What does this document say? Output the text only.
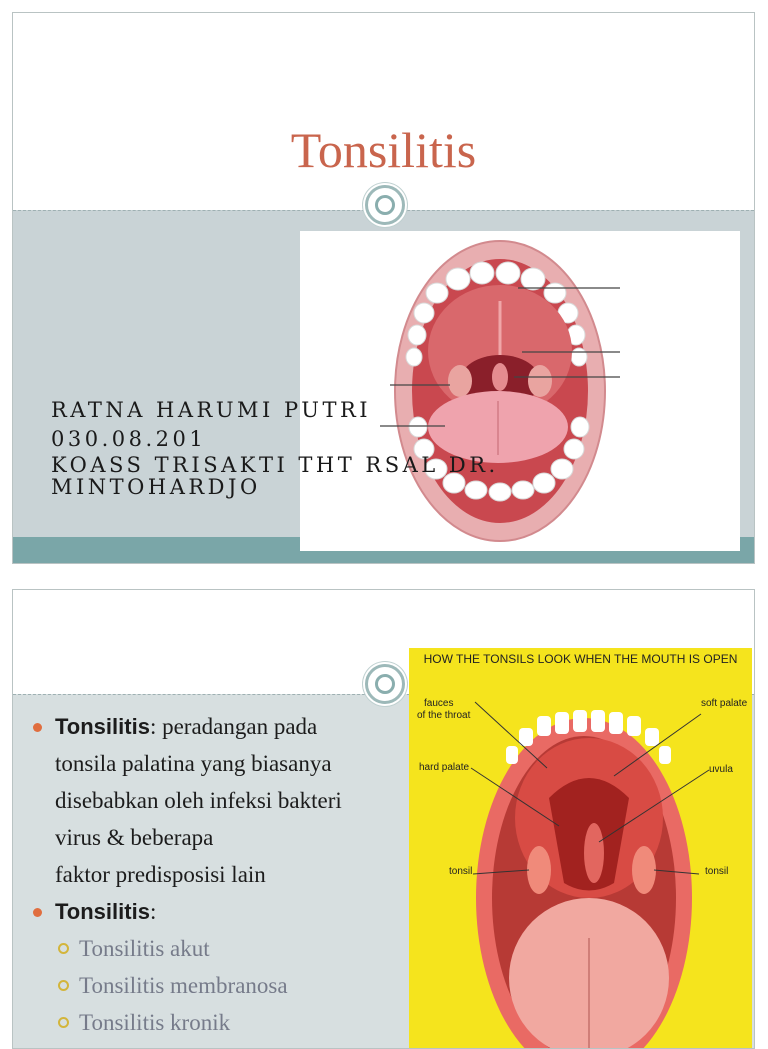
Tonsilitis
RATNA HARUMI PUTRI
030.08.201
KOASS TRISAKTI THT RSAL DR.
MINTOHARDJO
HOW THE TONSILS LOOK WHEN THE MOUTH IS OPEN
fauces
of the throat
soft palate
hard palate	uvula
tonsil	tonsil
Tonsilitis: peradangan pada
tonsila palatina yang biasanya
disebabkan oleh infeksi bakteri
virus & beberapa
faktor predisposisi lain
Tonsilitis:
Tonsilitis akut
Tonsilitis membranosa
Tonsilitis kronik
